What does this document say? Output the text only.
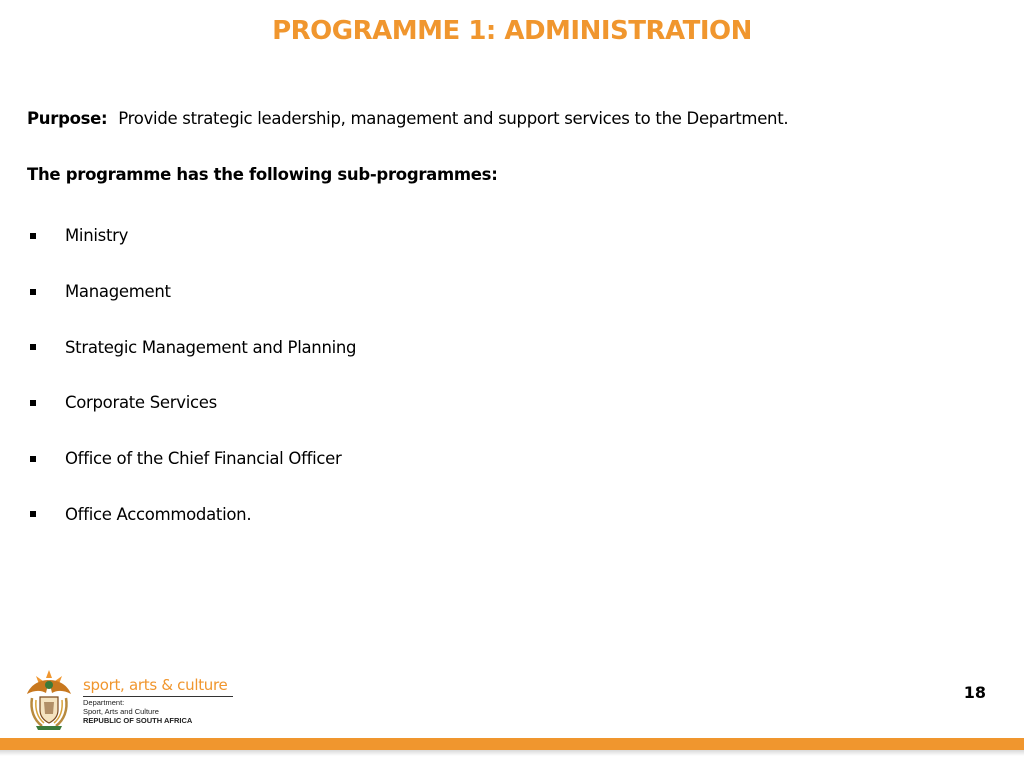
PROGRAMME 1: ADMINISTRATION
Purpose: Provide strategic leadership, management and support services to the Department.
The programme has the following sub-programmes:
Ministry
Management
Strategic Management and Planning
Corporate Services
Office of the Chief Financial Officer
Office Accommodation.
sport, arts & culture
Department:
Sport, Arts and Culture
REPUBLIC OF SOUTH AFRICA
18
